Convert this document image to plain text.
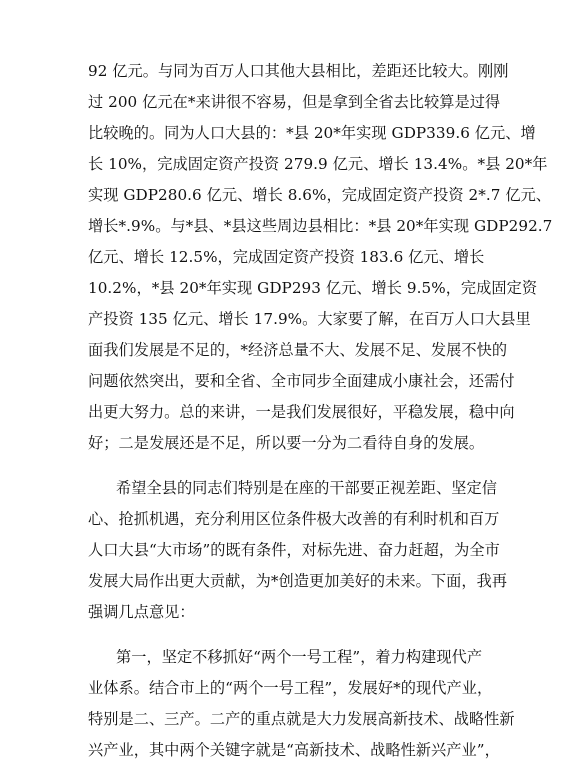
92 亿元。与同为百万人口其他大县相比，差距还比较大。刚刚
过 200 亿元在*来讲很不容易，但是拿到全省去比较算是过得
比较晚的。同为人口大县的：*县 20*年实现 GDP339.6 亿元、增
长 10%，完成固定资产投资 279.9 亿元、增长 13.4%。*县 20*年
实现 GDP280.6 亿元、增长 8.6%，完成固定资产投资 2*.7 亿元、
增长*.9%。与*县、*县这些周边县相比：*县 20*年实现 GDP292.7
亿元、增长 12.5%，完成固定资产投资 183.6 亿元、增长
10.2%，*县 20*年实现 GDP293 亿元、增长 9.5%，完成固定资
产投资 135 亿元、增长 17.9%。大家要了解，在百万人口大县里
面我们发展是不足的，*经济总量不大、发展不足、发展不快的
问题依然突出，要和全省、全市同步全面建成小康社会，还需付
出更大努力。总的来讲，一是我们发展很好，平稳发展，稳中向
好；二是发展还是不足，所以要一分为二看待自身的发展。
希望全县的同志们特别是在座的干部要正视差距、坚定信
心、抢抓机遇，充分利用区位条件极大改善的有利时机和百万
人口大县“大市场”的既有条件，对标先进、奋力赶超，为全市
发展大局作出更大贡献，为*创造更加美好的未来。下面，我再
强调几点意见：
第一，坚定不移抓好“两个一号工程”，着力构建现代产
业体系。结合市上的“两个一号工程”，发展好*的现代产业，
特别是二、三产。二产的重点就是大力发展高新技术、战略性新
兴产业，其中两个关键字就是“高新技术、战略性新兴产业”，
